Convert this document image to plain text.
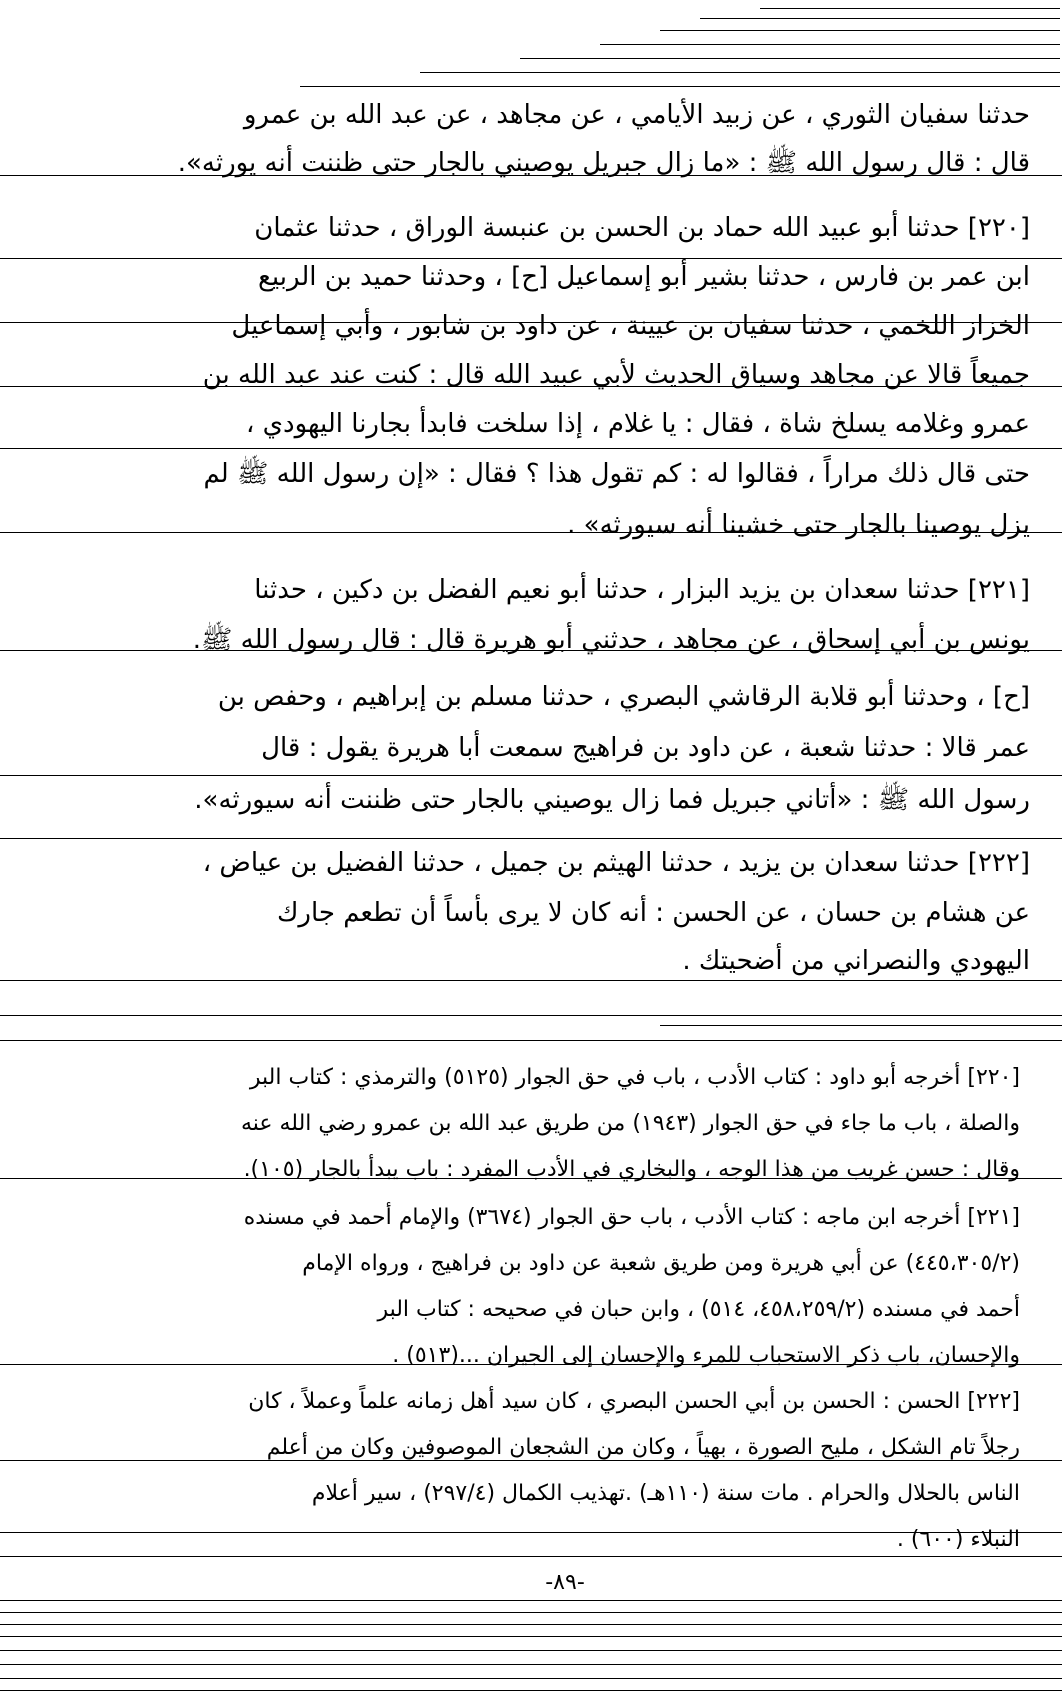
حدثنا سفيان الثوري ، عن زبيد الأيامي ، عن مجاهد ، عن عبد الله بن عمرو
قال : قال رسول الله ﷺ : «ما زال جبريل يوصيني بالجار حتى ظننت أنه يورثه».
[٢٢٠] حدثنا أبو عبيد الله حماد بن الحسن بن عنبسة الوراق ، حدثنا عثمان
ابن عمر بن فارس ، حدثنا بشير أبو إسماعيل [ح] ، وحدثنا حميد بن الربيع
الخزاز اللخمي ، حدثنا سفيان بن عيينة ، عن داود بن شابور ، وأبي إسماعيل
جميعاً قالا عن مجاهد وسياق الحديث لأبي عبيد الله قال : كنت عند عبد الله بن
عمرو وغلامه يسلخ شاة ، فقال : يا غلام ، إذا سلخت فابدأ بجارنا اليهودي ،
حتى قال ذلك مراراً ، فقالوا له : كم تقول هذا ؟ فقال : «إن رسول الله ﷺ لم
يزل يوصينا بالجار حتى خشينا أنه سيورثه» .
[٢٢١] حدثنا سعدان بن يزيد البزار ، حدثنا أبو نعيم الفضل بن دكين ، حدثنا
يونس بن أبي إسحاق ، عن مجاهد ، حدثني أبو هريرة قال : قال رسول الله ﷺ.
[ح] ، وحدثنا أبو قلابة الرقاشي البصري ، حدثنا مسلم بن إبراهيم ، وحفص بن
عمر قالا : حدثنا شعبة ، عن داود بن فراهيج سمعت أبا هريرة يقول : قال
رسول الله ﷺ : «أتاني جبريل فما زال يوصيني بالجار حتى ظننت أنه سيورثه».
[٢٢٢] حدثنا سعدان بن يزيد ، حدثنا الهيثم بن جميل ، حدثنا الفضيل بن عياض ،
عن هشام بن حسان ، عن الحسن : أنه كان لا يرى بأساً أن تطعم جارك
اليهودي والنصراني من أضحيتك .
[٢٢٠] أخرجه أبو داود : كتاب الأدب ، باب في حق الجوار (٥١٢٥) والترمذي : كتاب البر
والصلة ، باب ما جاء في حق الجوار (١٩٤٣) من طريق عبد الله بن عمرو رضي الله عنه
وقال : حسن غريب من هذا الوجه ، والبخاري في الأدب المفرد : باب يبدأ بالجار (١٠٥).
[٢٢١] أخرجه ابن ماجه : كتاب الأدب ، باب حق الجوار (٣٦٧٤) والإمام أحمد في مسنده
(٤٤٥،٣٠٥/٢) عن أبي هريرة ومن طريق شعبة عن داود بن فراهيج ، ورواه الإمام
أحمد في مسنده (٤٥٨،٢٥٩/٢، ٥١٤) ، وابن حبان في صحيحه : كتاب البر
والإحسان، باب ذكر الاستحباب للمرء والإحسان إلى الجيران ...(٥١٣) .
[٢٢٢] الحسن : الحسن بن أبي الحسن البصري ، كان سيد أهل زمانه علماً وعملاً ، كان
رجلاً تام الشكل ، مليح الصورة ، بهياً ، وكان من الشجعان الموصوفين وكان من أعلم
الناس بالحلال والحرام . مات سنة (١١٠هـ) .تهذيب الكمال (٢٩٧/٤) ، سير أعلام
النبلاء (٦٠٠) .
-٨٩-
